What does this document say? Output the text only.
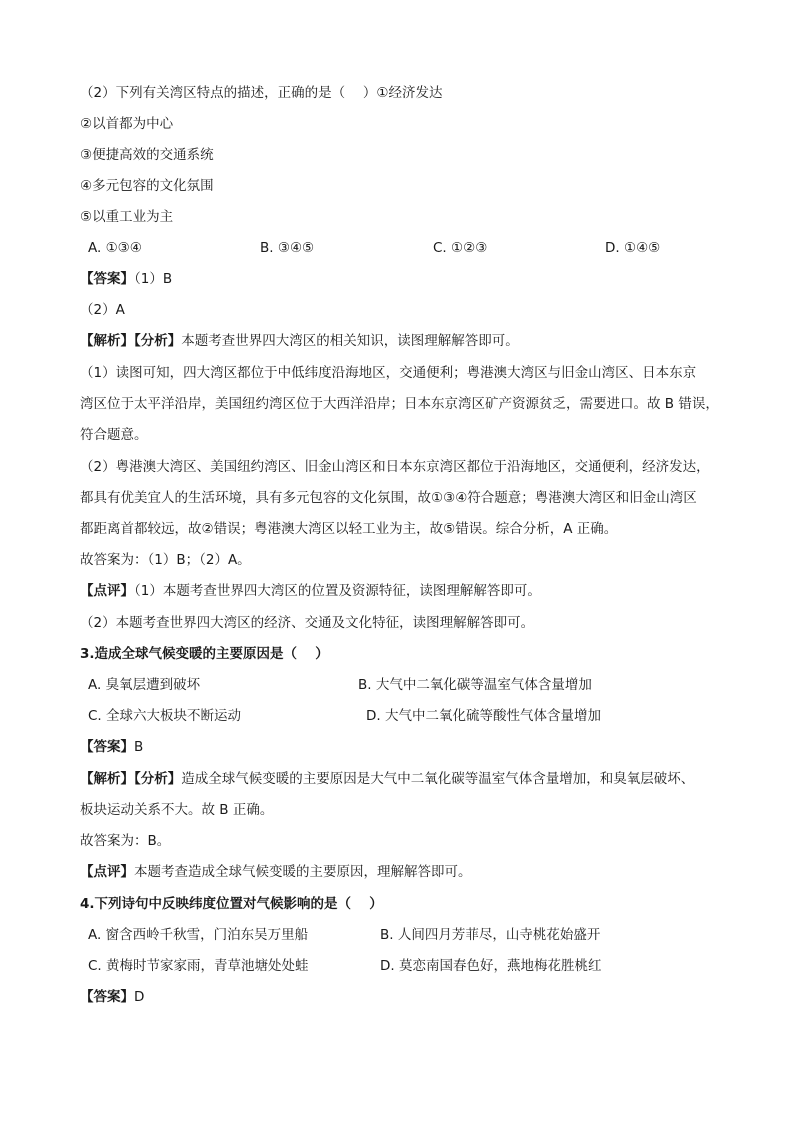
（2）下列有关湾区特点的描述，正确的是（　 ）①经济发达
②以首都为中心
③便捷高效的交通系统
④多元包容的文化氛围
⑤以重工业为主
A. ①③④	B. ③④⑤	C. ①②③	D. ①④⑤
【答案】（1）B
（2）A
【解析】【分析】本题考查世界四大湾区的相关知识，读图理解解答即可。
（1）读图可知，四大湾区都位于中低纬度沿海地区，交通便利；粤港澳大湾区与旧金山湾区、日本东京
湾区位于太平洋沿岸，美国纽约湾区位于大西洋沿岸；日本东京湾区矿产资源贫乏，需要进口。故 B 错误，
符合题意。
（2）粤港澳大湾区、美国纽约湾区、旧金山湾区和日本东京湾区都位于沿海地区，交通便利，经济发达，
都具有优美宜人的生活环境，具有多元包容的文化氛围，故①③④符合题意；粤港澳大湾区和旧金山湾区
都距离首都较远，故②错误；粤港澳大湾区以轻工业为主，故⑤错误。综合分析，A 正确。
故答案为：（1）B；（2）A。
【点评】（1）本题考查世界四大湾区的位置及资源特征，读图理解解答即可。
（2）本题考查世界四大湾区的经济、交通及文化特征，读图理解解答即可。
3.造成全球气候变暖的主要原因是（　 ）
A. 臭氧层遭到破坏	B. 大气中二氧化碳等温室气体含量增加
C. 全球六大板块不断运动	D. 大气中二氧化硫等酸性气体含量增加
【答案】B
【解析】【分析】造成全球气候变暖的主要原因是大气中二氧化碳等温室气体含量增加，和臭氧层破坏、
板块运动关系不大。故 B 正确。
故答案为：B。
【点评】本题考查造成全球气候变暖的主要原因，理解解答即可。
4.下列诗句中反映纬度位置对气候影响的是（　 ）
A. 窗含西岭千秋雪，门泊东吴万里船	B. 人间四月芳菲尽，山寺桃花始盛开
C. 黄梅时节家家雨，青草池塘处处蛙	D. 莫恋南国春色好，燕地梅花胜桃红
【答案】D
